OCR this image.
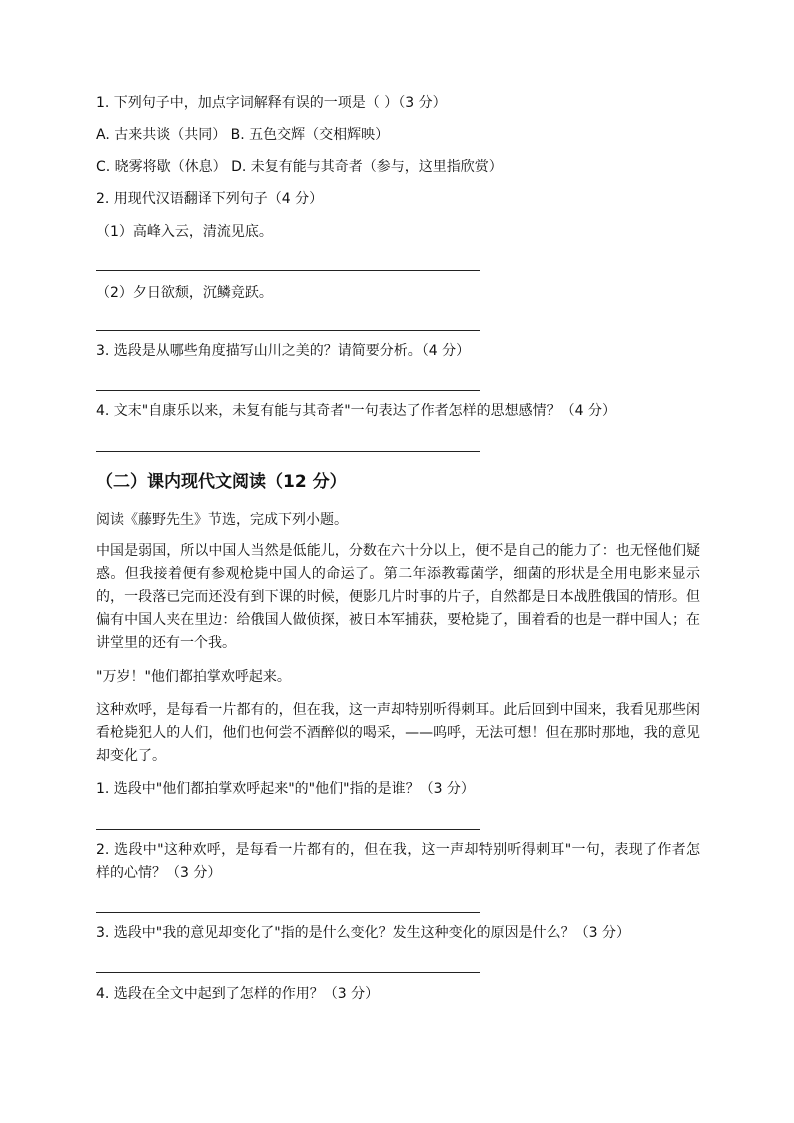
1. 下列句子中，加点字词解释有误的一项是（ ）（3 分）
A. 古来共谈（共同） B. 五色交辉（交相辉映）
C. 晓雾将歇（休息） D. 未复有能与其奇者（参与，这里指欣赏）
2. 用现代汉语翻译下列句子（4 分）
（1）高峰入云，清流见底。
（2）夕日欲颓，沉鳞竞跃。
3. 选段是从哪些角度描写山川之美的？请简要分析。（4 分）
4. 文末"自康乐以来，未复有能与其奇者"一句表达了作者怎样的思想感情？（4 分）
（二）课内现代文阅读（12 分）
阅读《藤野先生》节选，完成下列小题。
中国是弱国，所以中国人当然是低能儿，分数在六十分以上，便不是自己的能力了：也无怪他们疑惑。但我接着便有参观枪毙中国人的命运了。第二年添教霉菌学，细菌的形状是全用电影来显示的，一段落已完而还没有到下课的时候，便影几片时事的片子，自然都是日本战胜俄国的情形。但偏有中国人夹在里边：给俄国人做侦探，被日本军捕获，要枪毙了，围着看的也是一群中国人；在讲堂里的还有一个我。
"万岁！"他们都拍掌欢呼起来。
这种欢呼，是每看一片都有的，但在我，这一声却特别听得刺耳。此后回到中国来，我看见那些闲看枪毙犯人的人们，他们也何尝不酒醉似的喝采，——呜呼，无法可想！但在那时那地，我的意见却变化了。
1. 选段中"他们都拍掌欢呼起来"的"他们"指的是谁？（3 分）
2. 选段中"这种欢呼，是每看一片都有的，但在我，这一声却特别听得刺耳"一句，表现了作者怎样的心情？（3 分）
3. 选段中"我的意见却变化了"指的是什么变化？发生这种变化的原因是什么？（3 分）
4. 选段在全文中起到了怎样的作用？（3 分）
